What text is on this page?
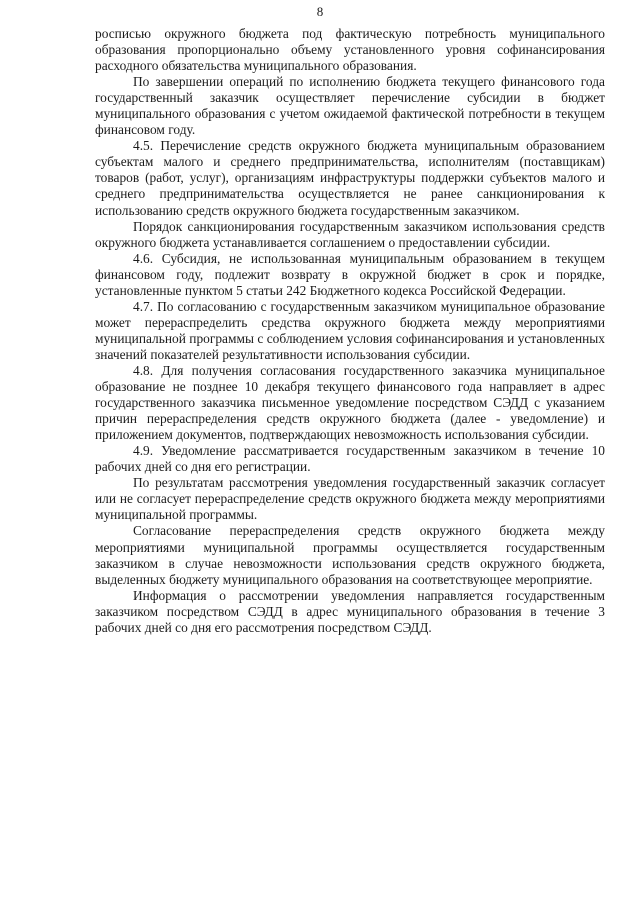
8

росписью окружного бюджета под фактическую потребность муниципального образования пропорционально объему установленного уровня софинансирования расходного обязательства муниципального образования.

По завершении операций по исполнению бюджета текущего финансового года государственный заказчик осуществляет перечисление субсидии в бюджет муниципального образования с учетом ожидаемой фактической потребности в текущем финансовом году.

4.5. Перечисление средств окружного бюджета муниципальным образованием субъектам малого и среднего предпринимательства, исполнителям (поставщикам) товаров (работ, услуг), организациям инфраструктуры поддержки субъектов малого и среднего предпринимательства осуществляется не ранее санкционирования к использованию средств окружного бюджета государственным заказчиком.

Порядок санкционирования государственным заказчиком использования средств окружного бюджета устанавливается соглашением о предоставлении субсидии.

4.6. Субсидия, не использованная муниципальным образованием в текущем финансовом году, подлежит возврату в окружной бюджет в срок и порядке, установленные пунктом 5 статьи 242 Бюджетного кодекса Российской Федерации.

4.7. По согласованию с государственным заказчиком муниципальное образование может перераспределить средства окружного бюджета между мероприятиями муниципальной программы с соблюдением условия софинансирования и установленных значений показателей результативности использования субсидии.

4.8. Для получения согласования государственного заказчика муниципальное образование не позднее 10 декабря текущего финансового года направляет в адрес государственного заказчика письменное уведомление посредством СЭДД с указанием причин перераспределения средств окружного бюджета (далее - уведомление) и приложением документов, подтверждающих невозможность использования субсидии.

4.9. Уведомление рассматривается государственным заказчиком в течение 10 рабочих дней со дня его регистрации.

По результатам рассмотрения уведомления государственный заказчик согласует или не согласует перераспределение средств окружного бюджета между мероприятиями муниципальной программы.

Согласование перераспределения средств окружного бюджета между мероприятиями муниципальной программы осуществляется государственным заказчиком в случае невозможности использования средств окружного бюджета, выделенных бюджету муниципального образования на соответствующее мероприятие.

Информация о рассмотрении уведомления направляется государственным заказчиком посредством СЭДД в адрес муниципального образования в течение 3 рабочих дней со дня его рассмотрения посредством СЭДД.
